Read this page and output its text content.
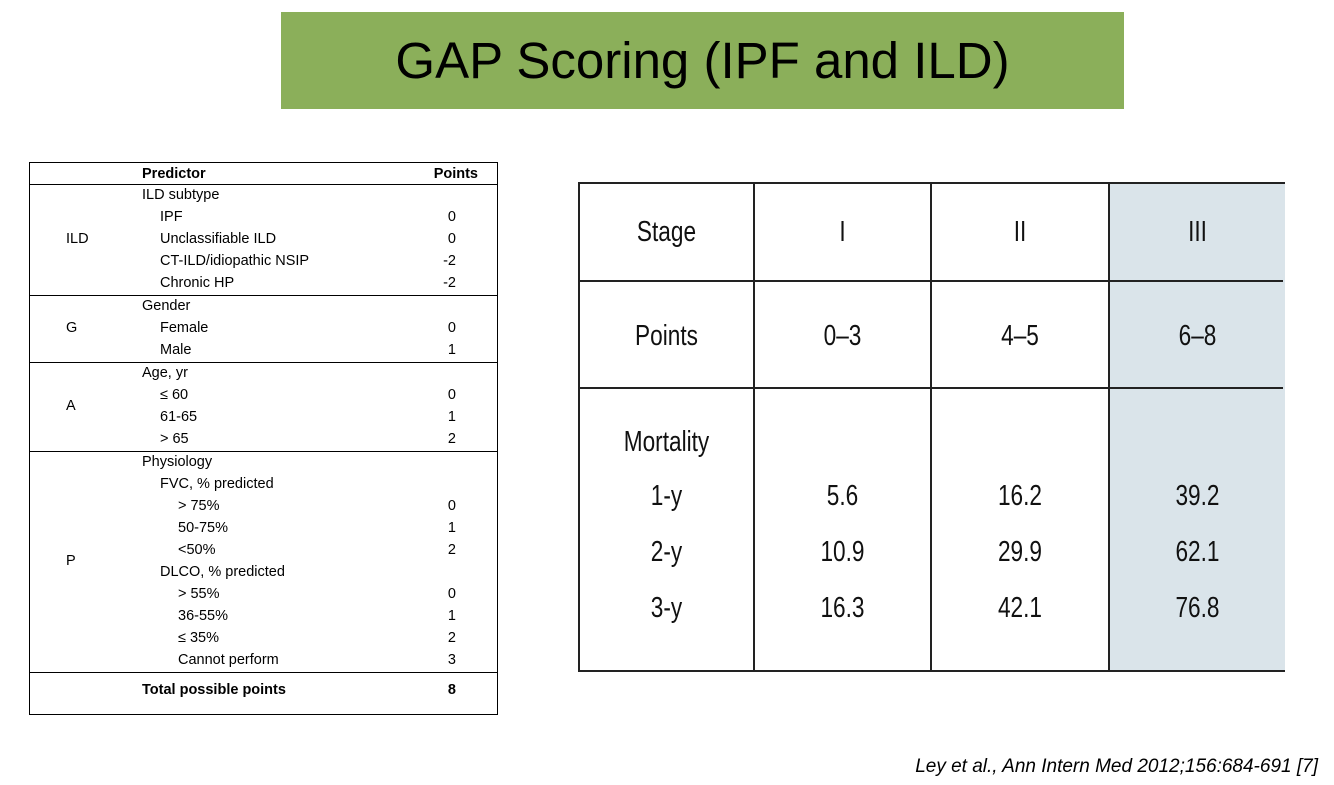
GAP Scoring (IPF and ILD)
Predictor	Points
ILD subtype
IPF	0
Unclassifiable ILD	0
CT-ILD/idiopathic NSIP	-2
Chronic HP	-2
ILD
Gender
Female	0
Male	1
G
Age, yr
≤ 60	0
61-65	1
> 65	2
A
Physiology
FVC, % predicted
> 75%	0
50-75%	1
<50%	2
DLCO, % predicted
> 55%	0
36-55%	1
≤ 35%	2
Cannot perform	3
P
Total possible points	8
Stage	I	II	III
Points	0–3	4–5	6–8
Mortality
1-y	5.6	16.2	39.2
2-y	10.9	29.9	62.1
3-y	16.3	42.1	76.8
Ley et al., Ann Intern Med 2012;156:684-691 [7]
